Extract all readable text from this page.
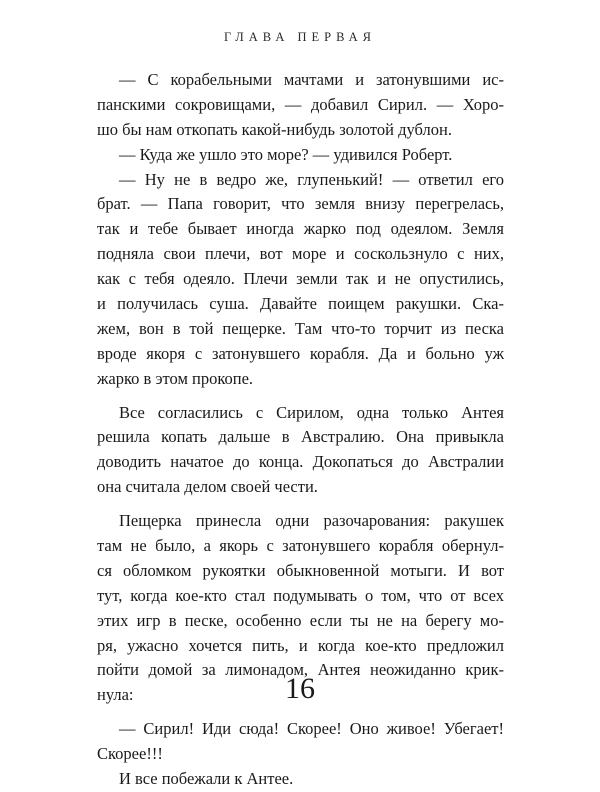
ГЛАВА ПЕРВАЯ
— С корабельными мачтами и затонувшими ис-
панскими сокровищами, — добавил Сирил. — Хоро-
шо бы нам откопать какой-нибудь золотой дублон.
— Куда же ушло это море? — удивился Роберт.
— Ну не в ведро же, глупенький! — ответил его
брат. — Папа говорит, что земля внизу перегрелась,
так и тебе бывает иногда жарко под одеялом. Земля
подняла свои плечи, вот море и соскользнуло с них,
как с тебя одеяло. Плечи земли так и не опустились,
и получилась суша. Давайте поищем ракушки. Ска-
жем, вон в той пещерке. Там что-то торчит из песка
вроде якоря с затонувшего корабля. Да и больно уж
жарко в этом прокопе.
Все согласились с Сирилом, одна только Антея
решила копать дальше в Австралию. Она привыкла
доводить начатое до конца. Докопаться до Австралии
она считала делом своей чести.
Пещерка принесла одни разочарования: ракушек
там не было, а якорь с затонувшего корабля обернул-
ся обломком рукоятки обыкновенной мотыги. И вот
тут, когда кое-кто стал подумывать о том, что от всех
этих игр в песке, особенно если ты не на берегу мо-
ря, ужасно хочется пить, и когда кое-кто предложил
пойти домой за лимонадом, Антея неожиданно крик-
нула:
— Сирил! Иди сюда! Скорее! Оно живое! Убегает!
Скорее!!!
И все побежали к Антее.
16
